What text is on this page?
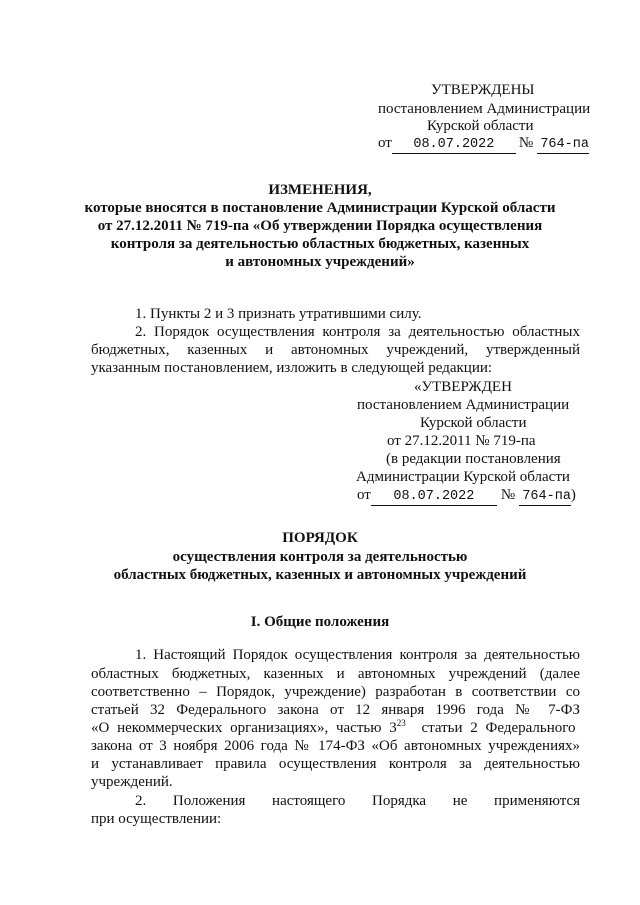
УТВЕРЖДЕНЫ
постановлением Администрации
Курской области
от 08.07.2022 № 764-па
ИЗМЕНЕНИЯ,
которые вносятся в постановление Администрации Курской области
от 27.12.2011 № 719-па «Об утверждении Порядка осуществления
контроля за деятельностью областных бюджетных, казенных
и автономных учреждений»
1. Пункты 2 и 3 признать утратившими силу.
2. Порядок осуществления контроля за деятельностью областных
бюджетных, казенных и автономных учреждений, утвержденный
указанным постановлением, изложить в следующей редакции:
«УТВЕРЖДЕН
постановлением Администрации
Курской области
от 27.12.2011 № 719-па
(в редакции постановления
Администрации Курской области
от 08.07.2022 № 764-па)
ПОРЯДОК
осуществления контроля за деятельностью
областных бюджетных, казенных и автономных учреждений
I. Общие положения
1. Настоящий Порядок осуществления контроля за деятельностью
областных бюджетных, казенных и автономных учреждений (далее
соответственно – Порядок, учреждение) разработан в соответствии со
статьей 32 Федерального закона от 12 января 1996 года № 7-ФЗ
«О некоммерческих организациях», частью $3^{23}$ статьи 2 Федерального
закона от 3 ноября 2006 года № 174-ФЗ «Об автономных учреждениях»
и устанавливает правила осуществления контроля за деятельностью
учреждений.
2. Положения настоящего Порядка не применяются
при осуществлении:
